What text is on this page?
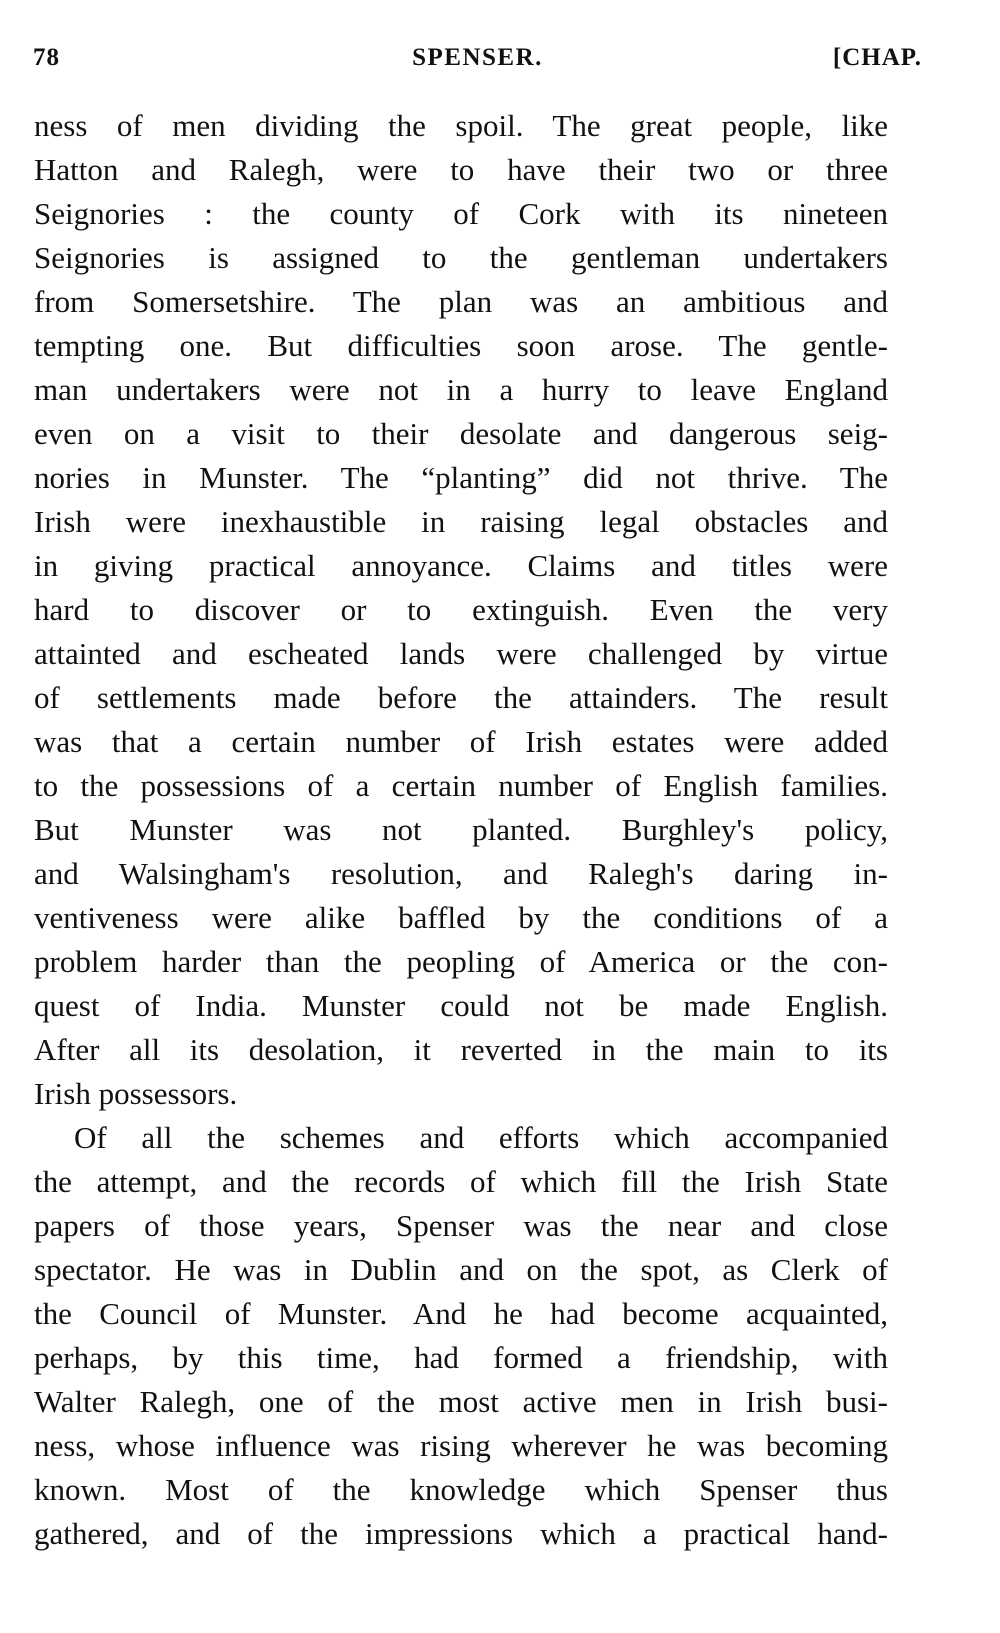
78	SPENSER.	[CHAP.
ness of men dividing the spoil. The great people, like
Hatton and Ralegh, were to have their two or three
Seignories : the county of Cork with its nineteen
Seignories is assigned to the gentleman undertakers
from Somersetshire. The plan was an ambitious and
tempting one. But difficulties soon arose. The gentle-
man undertakers were not in a hurry to leave England
even on a visit to their desolate and dangerous seig-
nories in Munster. The “planting” did not thrive. The
Irish were inexhaustible in raising legal obstacles and
in giving practical annoyance. Claims and titles were
hard to discover or to extinguish. Even the very
attainted and escheated lands were challenged by virtue
of settlements made before the attainders. The result
was that a certain number of Irish estates were added
to the possessions of a certain number of English families.
But Munster was not planted. Burghley's policy,
and Walsingham's resolution, and Ralegh's daring in-
ventiveness were alike baffled by the conditions of a
problem harder than the peopling of America or the con-
quest of India. Munster could not be made English.
After all its desolation, it reverted in the main to its
Irish possessors.
Of all the schemes and efforts which accompanied
the attempt, and the records of which fill the Irish State
papers of those years, Spenser was the near and close
spectator. He was in Dublin and on the spot, as Clerk of
the Council of Munster. And he had become acquainted,
perhaps, by this time, had formed a friendship, with
Walter Ralegh, one of the most active men in Irish busi-
ness, whose influence was rising wherever he was becoming
known. Most of the knowledge which Spenser thus
gathered, and of the impressions which a practical hand-
